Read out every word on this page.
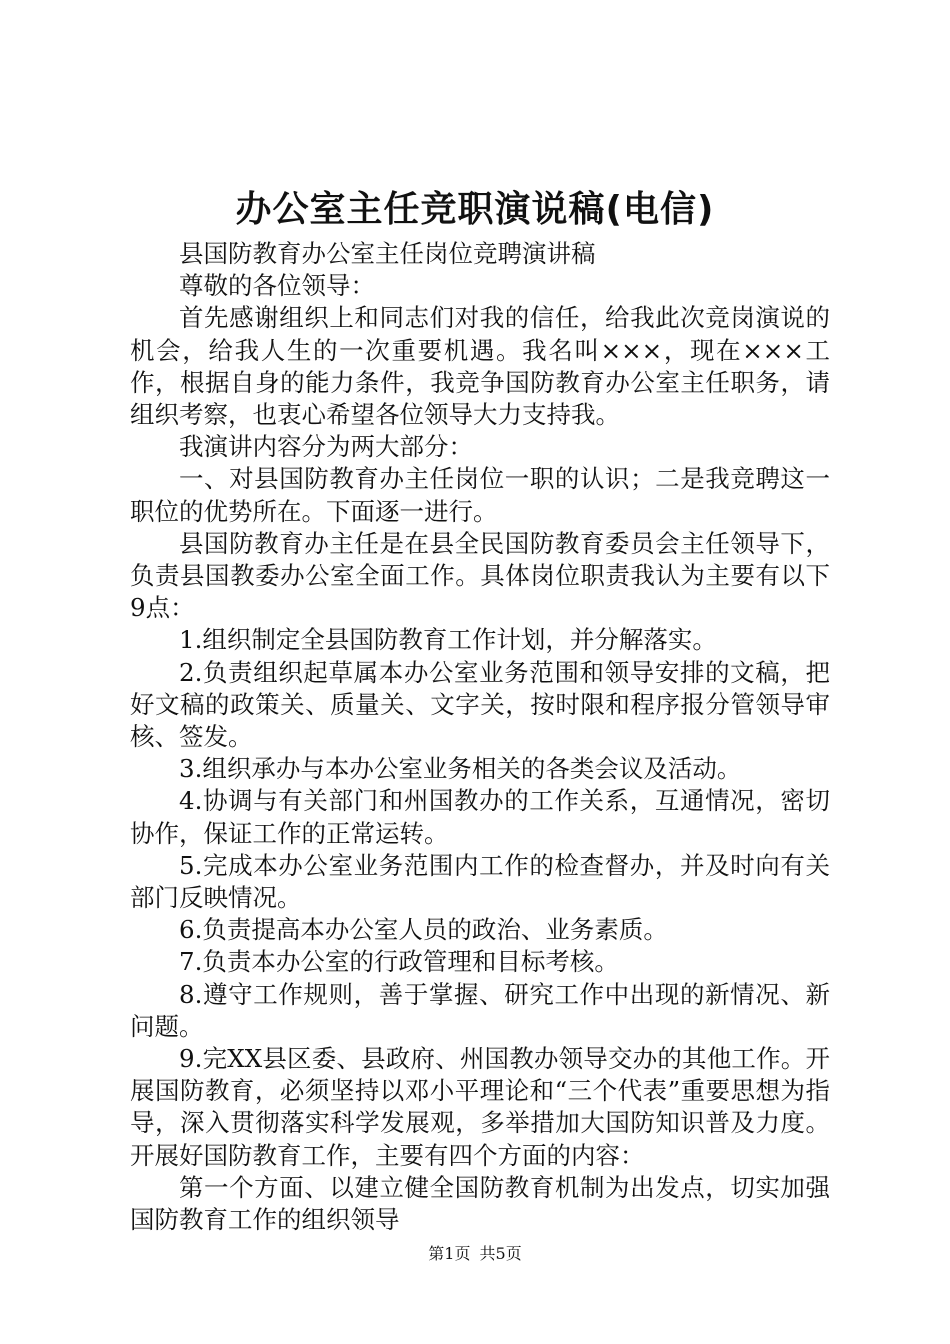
办公室主任竞职演说稿(电信)

县国防教育办公室主任岗位竞聘演讲稿

尊敬的各位领导：

首先感谢组织上和同志们对我的信任，给我此次竞岗演说的机会，给我人生的一次重要机遇。我名叫×××，现在×××工作，根据自身的能力条件，我竞争国防教育办公室主任职务，请组织考察，也衷心希望各位领导大力支持我。

我演讲内容分为两大部分：

一、对县国防教育办主任岗位一职的认识；二是我竞聘这一职位的优势所在。下面逐一进行。

县国防教育办主任是在县全民国防教育委员会主任领导下，负责县国教委办公室全面工作。具体岗位职责我认为主要有以下9点：

1.组织制定全县国防教育工作计划，并分解落实。

2.负责组织起草属本办公室业务范围和领导安排的文稿，把好文稿的政策关、质量关、文字关，按时限和程序报分管领导审核、签发。

3.组织承办与本办公室业务相关的各类会议及活动。

4.协调与有关部门和州国教办的工作关系，互通情况，密切协作，保证工作的正常运转。

5.完成本办公室业务范围内工作的检查督办，并及时向有关部门反映情况。

6.负责提高本办公室人员的政治、业务素质。

7.负责本办公室的行政管理和目标考核。

8.遵守工作规则，善于掌握、研究工作中出现的新情况、新问题。

9.完XX县区委、县政府、州国教办领导交办的其他工作。开展国防教育，必须坚持以邓小平理论和“三个代表”重要思想为指导，深入贯彻落实科学发展观，多举措加大国防知识普及力度。开展好国防教育工作，主要有四个方面的内容：

第一个方面、以建立健全国防教育机制为出发点，切实加强国防教育工作的组织领导

第1页 共5页
